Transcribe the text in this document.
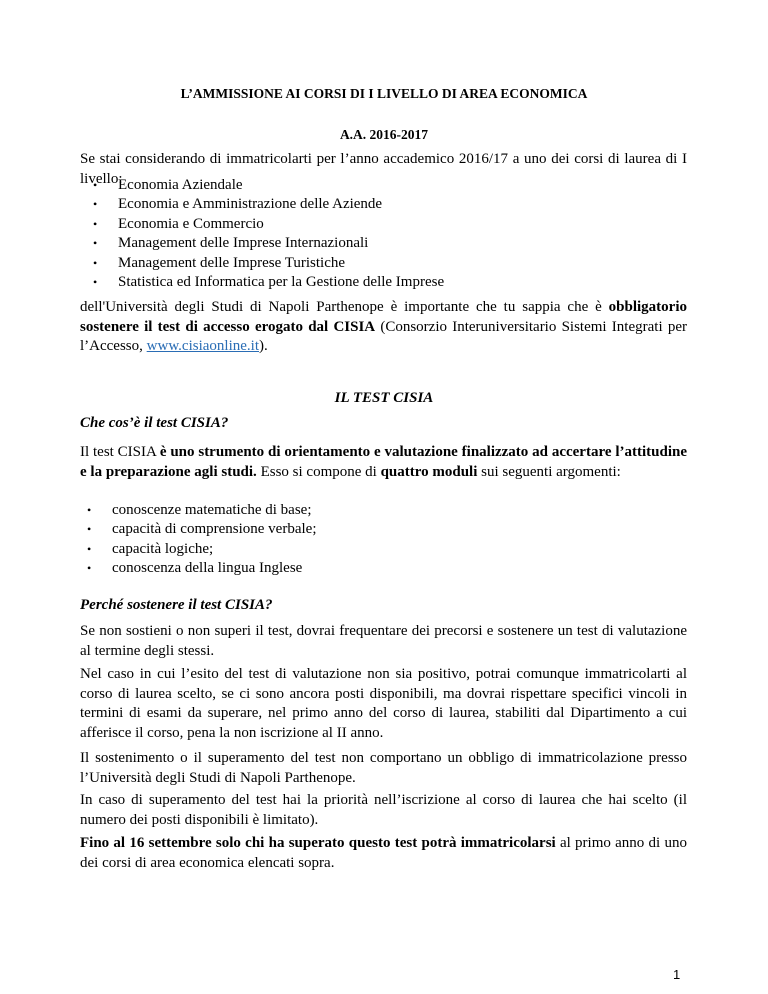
L’AMMISSIONE AI CORSI DI I LIVELLO DI AREA ECONOMICA
A.A. 2016-2017

Se stai considerando di immatricolarti per l’anno accademico 2016/17 a uno dei corsi di laurea di I livello:

• Economia Aziendale
• Economia e Amministrazione delle Aziende
• Economia e Commercio
• Management delle Imprese Internazionali
• Management delle Imprese Turistiche
• Statistica ed Informatica per la Gestione delle Imprese

dell'Università degli Studi di Napoli Parthenope è importante che tu sappia che è obbligatorio sostenere il test di accesso erogato dal CISIA (Consorzio Interuniversitario Sistemi Integrati per l’Accesso, www.cisiaonline.it).

IL TEST CISIA
Che cos’è il test CISIA?

Il test CISIA è uno strumento di orientamento e valutazione finalizzato ad accertare l’attitudine e la preparazione agli studi. Esso si compone di quattro moduli sui seguenti argomenti:

• conoscenze matematiche di base;
• capacità di comprensione verbale;
• capacità logiche;
• conoscenza della lingua Inglese
Perché sostenere il test CISIA?

Se non sostieni o non superi il test, dovrai frequentare dei precorsi e sostenere un test di valutazione al termine degli stessi.

Nel caso in cui l’esito del test di valutazione non sia positivo, potrai comunque immatricolarti al corso di laurea scelto, se ci sono ancora posti disponibili, ma dovrai rispettare specifici vincoli in termini di esami da superare, nel primo anno del corso di laurea, stabiliti dal Dipartimento a cui afferisce il corso, pena la non iscrizione al II anno.

Il sostenimento o il superamento del test non comportano un obbligo di immatricolazione presso l’Università degli Studi di Napoli Parthenope.

In caso di superamento del test hai la priorità nell’iscrizione al corso di laurea che hai scelto (il numero dei posti disponibili è limitato).

Fino al 16 settembre solo chi ha superato questo test potrà immatricolarsi al primo anno di uno dei corsi di area economica elencati sopra.

1
